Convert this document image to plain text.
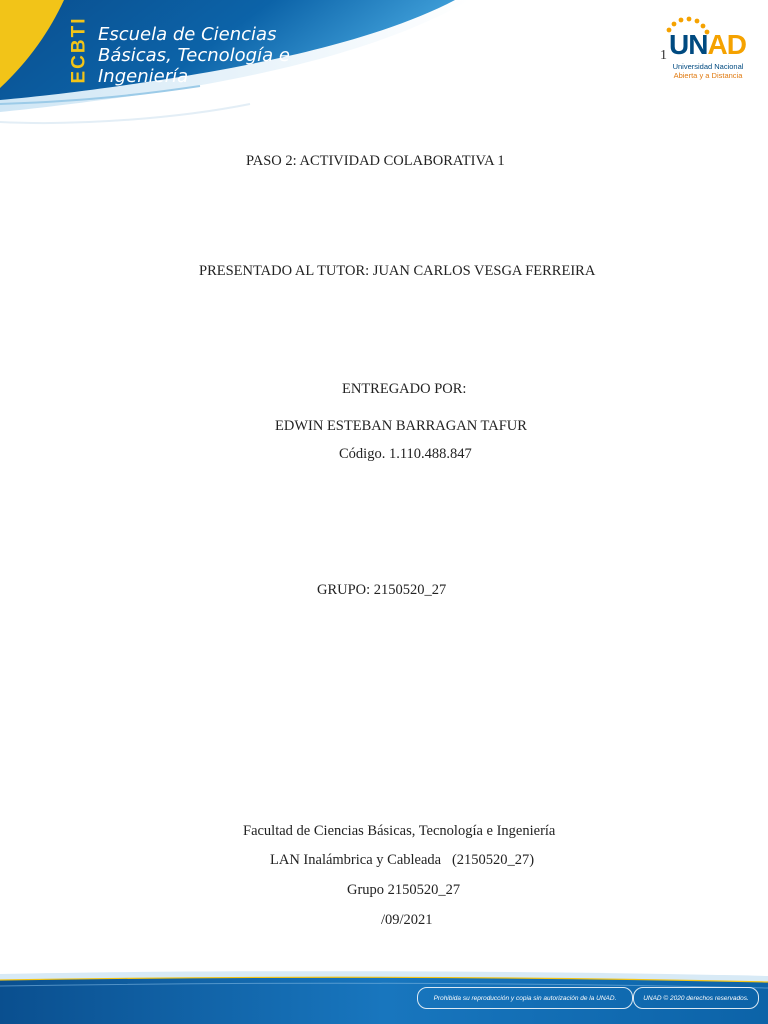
ECBTI Escuela de Ciencias
Básicas, Tecnología e
Ingeniería
1 UNAD
Universidad Nacional
Abierta y a Distancia
PASO 2: ACTIVIDAD COLABORATIVA 1
PRESENTADO AL TUTOR: JUAN CARLOS VESGA FERREIRA
ENTREGADO POR:
EDWIN ESTEBAN BARRAGAN TAFUR
Código. 1.110.488.847
GRUPO: 2150520_27
Facultad de Ciencias Básicas, Tecnología e Ingeniería
LAN Inalámbrica y Cableada   (2150520_27)
Grupo 2150520_27
/09/2021
Prohibida su reproducción y copia sin autorización de la UNAD.	UNAD © 2020 derechos reservados.
